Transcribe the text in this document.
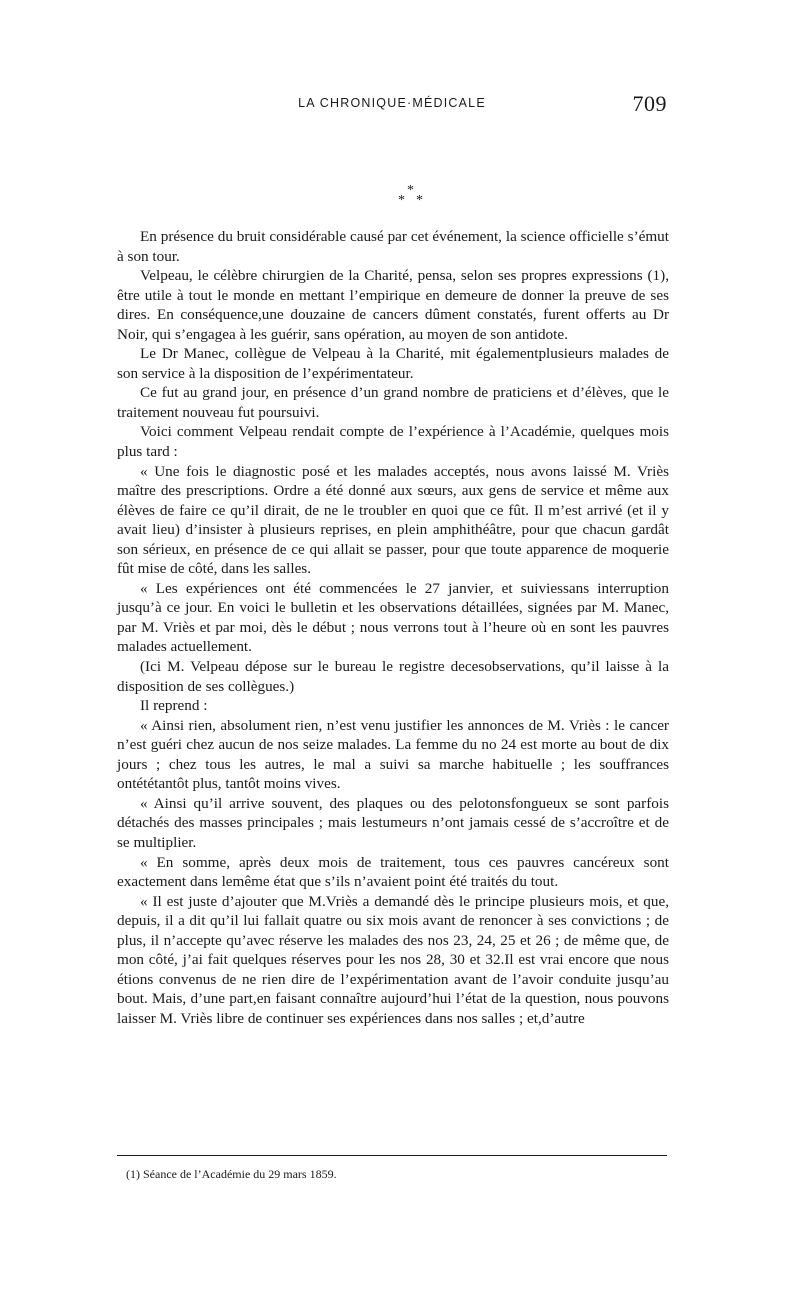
LA CHRONIQUE·MÉDICALE	709
*
* *

En présence du bruit considérable causé par cet événement, la science officielle s’émut à son tour.

Velpeau, le célèbre chirurgien de la Charité, pensa, selon ses propres expressions (1), être utile à tout le monde en mettant l’empirique en demeure de donner la preuve de ses dires. En conséquence,une douzaine de cancers dûment constatés, furent offerts au Dr Noir, qui s’engagea à les guérir, sans opération, au moyen de son antidote.

Le Dr Manec, collègue de Velpeau à la Charité, mit égalementplusieurs malades de son service à la disposition de l’expérimentateur.

Ce fut au grand jour, en présence d’un grand nombre de praticiens et d’élèves, que le traitement nouveau fut poursuivi.

Voici comment Velpeau rendait compte de l’expérience à l’Académie, quelques mois plus tard :

« Une fois le diagnostic posé et les malades acceptés, nous avons laissé M. Vriès maître des prescriptions. Ordre a été donné aux sœurs, aux gens de service et même aux élèves de faire ce qu’il dirait, de ne le troubler en quoi que ce fût. Il m’est arrivé (et il y avait lieu) d’insister à plusieurs reprises, en plein amphithéâtre, pour que chacun gardât son sérieux, en présence de ce qui allait se passer, pour que toute apparence de moquerie fût mise de côté, dans les salles.

« Les expériences ont été commencées le 27 janvier, et suiviessans interruption jusqu’à ce jour. En voici le bulletin et les observations détaillées, signées par M. Manec, par M. Vriès et par moi, dès le début ; nous verrons tout à l’heure où en sont les pauvres malades actuellement.

(Ici M. Velpeau dépose sur le bureau le registre decesobservations, qu’il laisse à la disposition de ses collègues.)

Il reprend :

« Ainsi rien, absolument rien, n’est venu justifier les annonces de M. Vriès : le cancer n’est guéri chez aucun de nos seize malades. La femme du no 24 est morte au bout de dix jours ; chez tous les autres, le mal a suivi sa marche habituelle ; les souffrances ontététantôt plus, tantôt moins vives.

« Ainsi qu’il arrive souvent, des plaques ou des pelotonsfongueux se sont parfois détachés des masses principales ; mais lestumeurs n’ont jamais cessé de s’accroître et de se multiplier.

« En somme, après deux mois de traitement, tous ces pauvres cancéreux sont exactement dans lemême état que s’ils n’avaient point été traités du tout.

« Il est juste d’ajouter que M.Vriès a demandé dès le principe plusieurs mois, et que, depuis, il a dit qu’il lui fallait quatre ou six mois avant de renoncer à ses convictions ; de plus, il n’accepte qu’avec réserve les malades des nos 23, 24, 25 et 26 ; de même que, de mon côté, j’ai fait quelques réserves pour les nos 28, 30 et 32.Il est vrai encore que nous étions convenus de ne rien dire de l’expérimentation avant de l’avoir conduite jusqu’au bout. Mais, d’une part,en faisant connaître aujourd’hui l’état de la question, nous pouvons laisser M. Vriès libre de continuer ses expériences dans nos salles ; et,d’autre

(1) Séance de l’Académie du 29 mars 1859.
